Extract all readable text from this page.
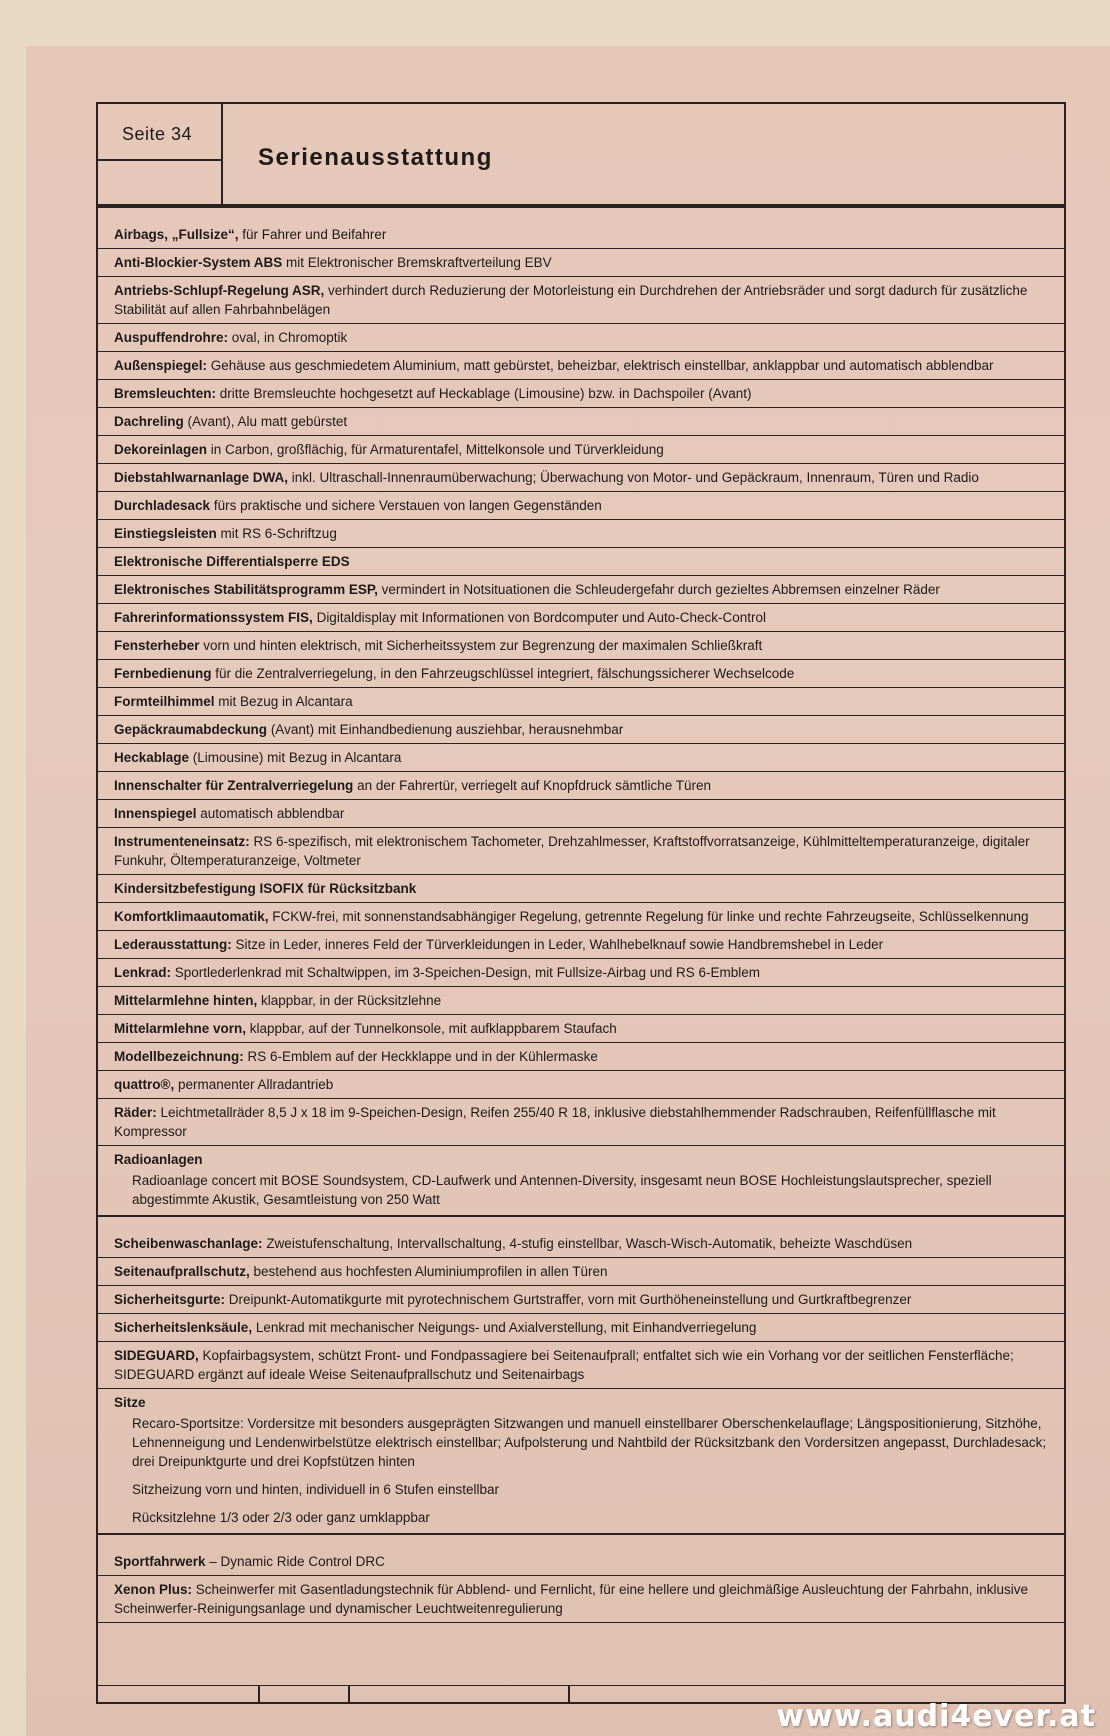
Seite 34
Serienausstattung
Airbags, „Fullsize“, für Fahrer und Beifahrer
Anti-Blockier-System ABS mit Elektronischer Bremskraftverteilung EBV
Antriebs-Schlupf-Regelung ASR, verhindert durch Reduzierung der Motorleistung ein Durchdrehen der Antriebsräder und sorgt dadurch für zusätzliche Stabilität auf allen Fahrbahnbelägen
Auspuffendrohre: oval, in Chromoptik
Außenspiegel: Gehäuse aus geschmiedetem Aluminium, matt gebürstet, beheizbar, elektrisch einstellbar, anklappbar und automatisch abblendbar
Bremsleuchten: dritte Bremsleuchte hochgesetzt auf Heckablage (Limousine) bzw. in Dachspoiler (Avant)
Dachreling (Avant), Alu matt gebürstet
Dekoreinlagen in Carbon, großflächig, für Armaturentafel, Mittelkonsole und Türverkleidung
Diebstahlwarnanlage DWA, inkl. Ultraschall-Innenraumüberwachung; Überwachung von Motor- und Gepäckraum, Innenraum, Türen und Radio
Durchladesack fürs praktische und sichere Verstauen von langen Gegenständen
Einstiegsleisten mit RS 6-Schriftzug
Elektronische Differentialsperre EDS
Elektronisches Stabilitätsprogramm ESP, vermindert in Notsituationen die Schleudergefahr durch gezieltes Abbremsen einzelner Räder
Fahrerinformationssystem FIS, Digitaldisplay mit Informationen von Bordcomputer und Auto-Check-Control
Fensterheber vorn und hinten elektrisch, mit Sicherheitssystem zur Begrenzung der maximalen Schließkraft
Fernbedienung für die Zentralverriegelung, in den Fahrzeugschlüssel integriert, fälschungssicherer Wechselcode
Formteilhimmel mit Bezug in Alcantara
Gepäckraumabdeckung (Avant) mit Einhandbedienung ausziehbar, herausnehmbar
Heckablage (Limousine) mit Bezug in Alcantara
Innenschalter für Zentralverriegelung an der Fahrertür, verriegelt auf Knopfdruck sämtliche Türen
Innenspiegel automatisch abblendbar
Instrumenteneinsatz: RS 6-spezifisch, mit elektronischem Tachometer, Drehzahlmesser, Kraftstoffvorratsanzeige, Kühlmitteltemperaturanzeige, digitaler Funkuhr, Öltemperaturanzeige, Voltmeter
Kindersitzbefestigung ISOFIX für Rücksitzbank
Komfortklimaautomatik, FCKW-frei, mit sonnenstandsabhängiger Regelung, getrennte Regelung für linke und rechte Fahrzeugseite, Schlüsselkennung
Lederausstattung: Sitze in Leder, inneres Feld der Türverkleidungen in Leder, Wahlhebelknauf sowie Handbremshebel in Leder
Lenkrad: Sportlederlenkrad mit Schaltwippen, im 3-Speichen-Design, mit Fullsize-Airbag und RS 6-Emblem
Mittelarmlehne hinten, klappbar, in der Rücksitzlehne
Mittelarmlehne vorn, klappbar, auf der Tunnelkonsole, mit aufklappbarem Staufach
Modellbezeichnung: RS 6-Emblem auf der Heckklappe und in der Kühlermaske
quattro®, permanenter Allradantrieb
Räder: Leichtmetallräder 8,5 J x 18 im 9-Speichen-Design, Reifen 255/40 R 18, inklusive diebstahlhemmender Radschrauben, Reifenfüllflasche mit Kompressor
Radioanlagen
Radioanlage concert mit BOSE Soundsystem, CD-Laufwerk und Antennen-Diversity, insgesamt neun BOSE Hochleistungslautsprecher, speziell abgestimmte Akustik, Gesamtleistung von 250 Watt
Scheibenwaschanlage: Zweistufenschaltung, Intervallschaltung, 4-stufig einstellbar, Wasch-Wisch-Automatik, beheizte Waschdüsen
Seitenaufprallschutz, bestehend aus hochfesten Aluminiumprofilen in allen Türen
Sicherheitsgurte: Dreipunkt-Automatikgurte mit pyrotechnischem Gurtstraffer, vorn mit Gurthöheneinstellung und Gurtkraftbegrenzer
Sicherheitslenksäule, Lenkrad mit mechanischer Neigungs- und Axialverstellung, mit Einhandverriegelung
SIDEGUARD, Kopfairbagsystem, schützt Front- und Fondpassagiere bei Seitenaufprall; entfaltet sich wie ein Vorhang vor der seitlichen Fensterfläche; SIDEGUARD ergänzt auf ideale Weise Seitenaufprallschutz und Seitenairbags
Sitze
Recaro-Sportsitze: Vordersitze mit besonders ausgeprägten Sitzwangen und manuell einstellbarer Oberschenkelauflage; Längspositionierung, Sitzhöhe, Lehnenneigung und Lendenwirbelstütze elektrisch einstellbar; Aufpolsterung und Nahtbild der Rücksitzbank den Vordersitzen angepasst, Durchladesack; drei Dreipunktgurte und drei Kopfstützen hinten
Sitzheizung vorn und hinten, individuell in 6 Stufen einstellbar
Rücksitzlehne 1/3 oder 2/3 oder ganz umklappbar
Sportfahrwerk – Dynamic Ride Control DRC
Xenon Plus: Scheinwerfer mit Gasentladungstechnik für Abblend- und Fernlicht, für eine hellere und gleichmäßige Ausleuchtung der Fahrbahn, inklusive Scheinwerfer-Reinigungsanlage und dynamischer Leuchtweitenregulierung
www.audi4ever.at
